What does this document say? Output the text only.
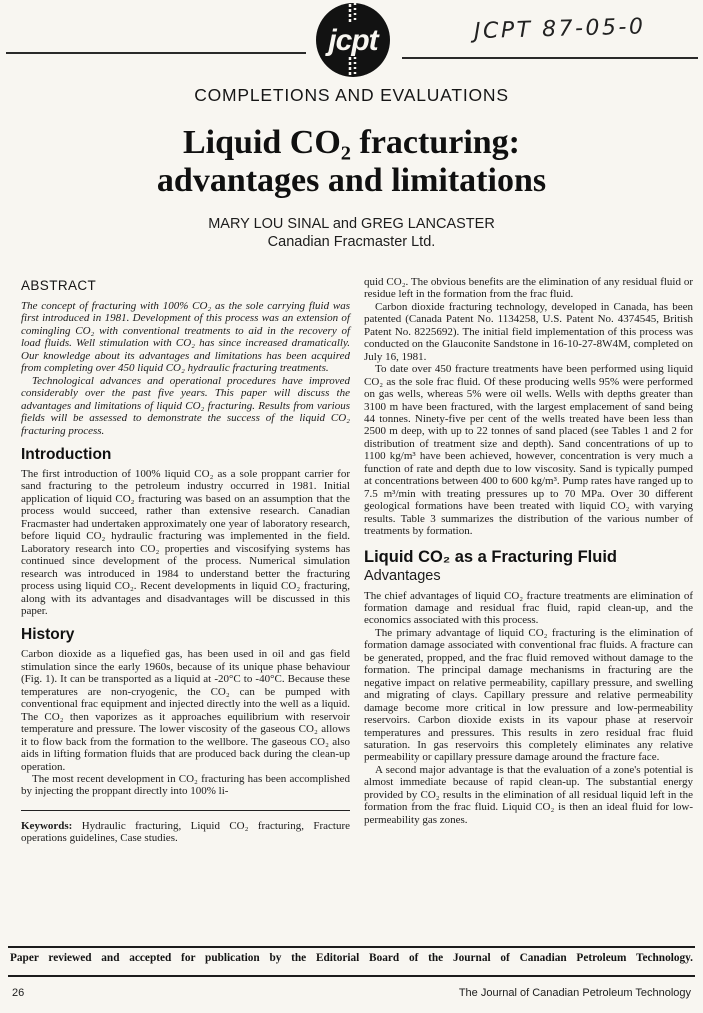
jcpt	JCPT 87-05-0
COMPLETIONS AND EVALUATIONS
Liquid CO₂ fracturing:
advantages and limitations
MARY LOU SINAL and GREG LANCASTER
Canadian Fracmaster Ltd.
ABSTRACT

The concept of fracturing with 100% CO₂ as the sole carrying fluid was first introduced in 1981. Development of this process was an extension of comingling CO₂ with conventional treatments to aid in the recovery of load fluids. Well stimulation with CO₂ has since increased dramatically. Our knowledge about its advantages and limitations has been acquired from completing over 450 liquid CO₂ hydraulic fracturing treatments.

Technological advances and operational procedures have improved considerably over the past five years. This paper will discuss the advantages and limitations of liquid CO₂ fracturing. Results from various fields will be assessed to demonstrate the success of the liquid CO₂ fracturing process.

Introduction

The first introduction of 100% liquid CO₂ as a sole proppant carrier for sand fracturing to the petroleum industry occurred in 1981. Initial application of liquid CO₂ fracturing was based on an assumption that the process would succeed, rather than extensive research. Canadian Fracmaster had undertaken approximately one year of laboratory research, before liquid CO₂ hydraulic fracturing was implemented in the field. Laboratory research into CO₂ properties and viscosifying systems has continued since development of the process. Numerical simulation research was introduced in 1984 to understand better the fracturing process using liquid CO₂. Recent developments in liquid CO₂ fracturing, along with its advantages and disadvantages will be discussed in this paper.

History

Carbon dioxide as a liquefied gas, has been used in oil and gas field stimulation since the early 1960s, because of its unique phase behaviour (Fig. 1). It can be transported as a liquid at -20°C to -40°C. Because these temperatures are non-cryogenic, the CO₂ can be pumped with conventional frac equipment and injected directly into the well as a liquid. The CO₂ then vaporizes as it approaches equilibrium with reservoir temperature and pressure. The lower viscosity of the gaseous CO₂ allows it to flow back from the formation to the wellbore. The gaseous CO₂ also aids in lifting formation fluids that are produced back during the clean-up operation.

The most recent development in CO₂ fracturing has been accomplished by injecting the proppant directly into 100% li-

Keywords: Hydraulic fracturing, Liquid CO₂ fracturing, Fracture operations guidelines, Case studies.

quid CO₂. The obvious benefits are the elimination of any residual fluid or residue left in the formation from the frac fluid.

Carbon dioxide fracturing technology, developed in Canada, has been patented (Canada Patent No. 1134258, U.S. Patent No. 4374545, British Patent No. 8225692). The initial field implementation of this process was conducted on the Glauconite Sandstone in 16-10-27-8W4M, completed on July 16, 1981.

To date over 450 fracture treatments have been performed using liquid CO₂ as the sole frac fluid. Of these producing wells 95% were performed on gas wells, whereas 5% were oil wells. Wells with depths greater than 3100 m have been fractured, with the largest emplacement of sand being 44 tonnes. Ninety-five per cent of the wells treated have been less than 2500 m deep, with up to 22 tonnes of sand placed (see Tables 1 and 2 for distribution of treatment size and depth). Sand concentrations of up to 1100 kg/m³ have been achieved, however, concentration is very much a function of rate and depth due to low viscosity. Sand is typically pumped at concentrations between 400 to 600 kg/m³. Pump rates have ranged up to 7.5 m³/min with treating pressures up to 70 MPa. Over 30 different geological formations have been treated with liquid CO₂ with varying results. Table 3 summarizes the distribution of the various number of treatments by formation.

Liquid CO₂ as a Fracturing Fluid
Advantages

The chief advantages of liquid CO₂ fracture treatments are elimination of formation damage and residual frac fluid, rapid clean-up, and the economics associated with this process.

The primary advantage of liquid CO₂ fracturing is the elimination of formation damage associated with conventional frac fluids. A fracture can be generated, propped, and the frac fluid removed without damage to the formation. The principal damage mechanisms in fracturing are the negative impact on relative permeability, capillary pressure, and swelling and migrating of clays. Capillary pressure and relative permeability damage become more critical in low pressure and low-permeability reservoirs. Carbon dioxide exists in its vapour phase at reservoir temperatures and pressures. This results in zero residual frac fluid saturation. In gas reservoirs this completely eliminates any relative permeability or capillary pressure damage around the fracture face.

A second major advantage is that the evaluation of a zone's potential is almost immediate because of rapid clean-up. The substantial energy provided by CO₂ results in the elimination of all residual liquid left in the formation from the frac fluid. Liquid CO₂ is then an ideal fluid for low-permeability gas zones.

Paper reviewed and accepted for publication by the Editorial Board of the Journal of Canadian Petroleum Technology.
26	The Journal of Canadian Petroleum Technology
